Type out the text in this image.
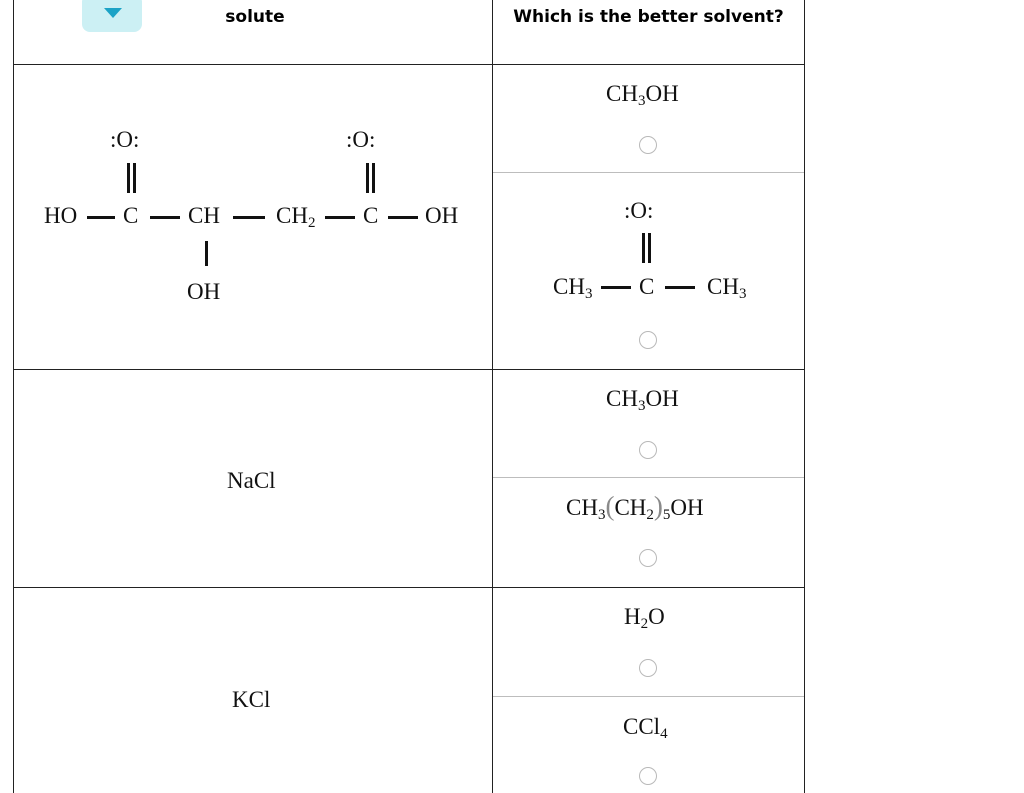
solute	Which is the better solvent?
:O:
HO C CH $CH_2$ C OH
:O:
OH
$CH_3OH$
:O:
$CH_3$ C $CH_3$
NaCl
$CH_3OH$
$CH_3(CH_2)_5OH$
KCl
$H_2O$
CCl$_4$
